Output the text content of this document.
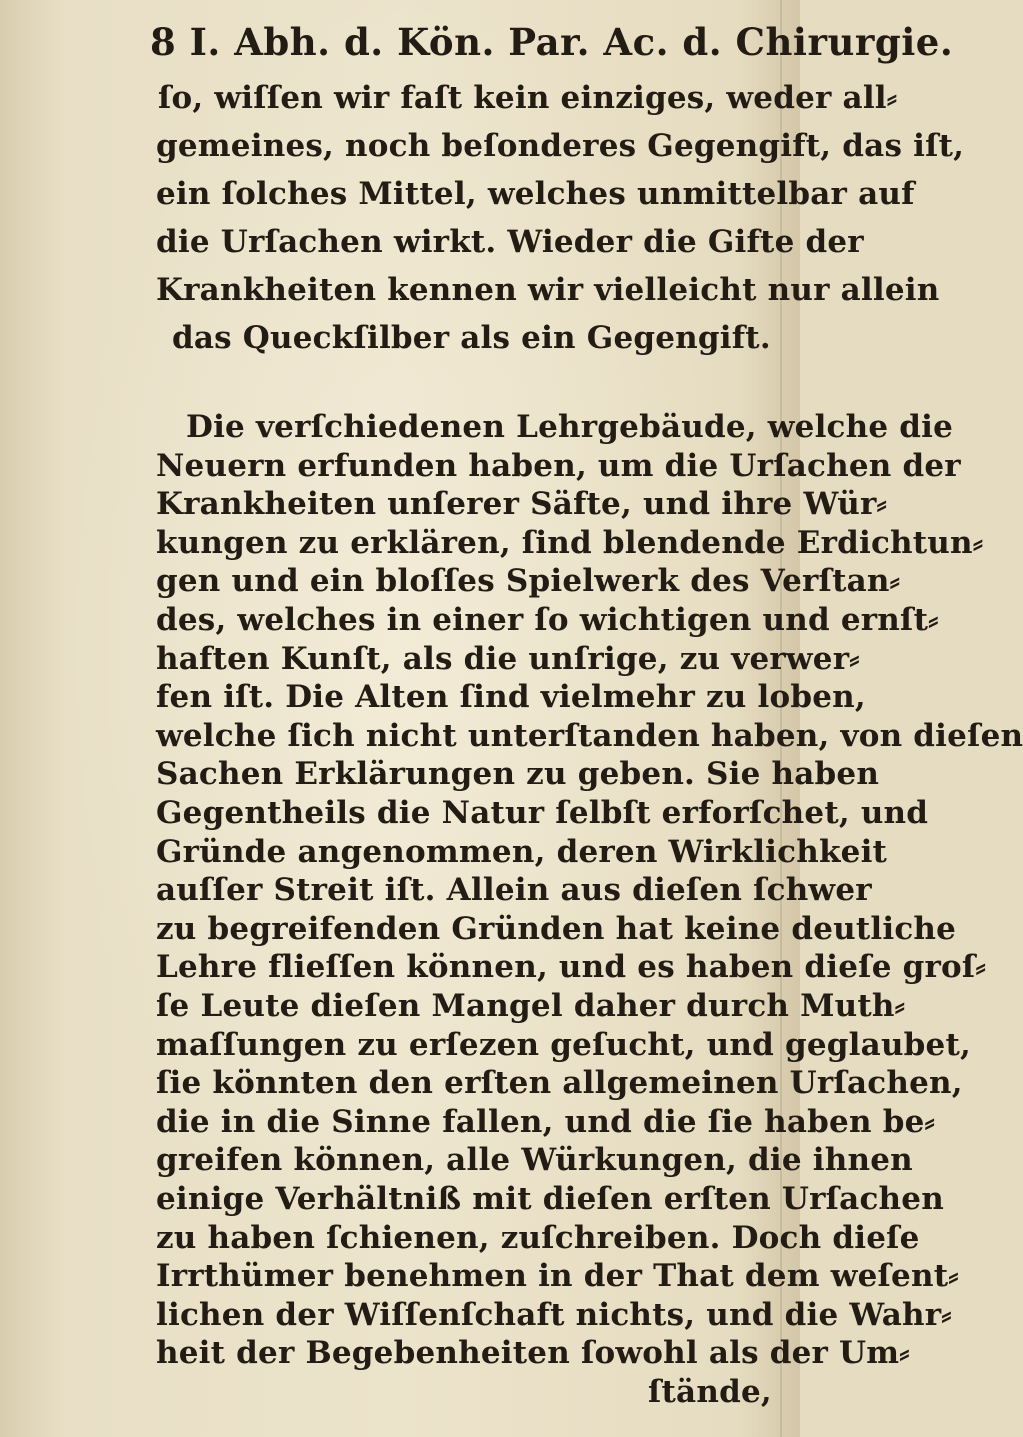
8 I. Abh. d. Kön. Par. Ac. d. Chirurgie.
ſo, wiſſen wir faſt kein einziges, weder all⸗
gemeines, noch beſonderes Gegengift, das iſt,
ein ſolches Mittel, welches unmittelbar auf
die Urſachen wirkt. Wieder die Gifte der
Krankheiten kennen wir vielleicht nur allein
das Queckſilber als ein Gegengift.
Die verſchiedenen Lehrgebäude, welche die
Neuern erfunden haben, um die Urſachen der
Krankheiten unſerer Säfte, und ihre Wür⸗
kungen zu erklären, ſind blendende Erdichtun⸗
gen und ein bloſſes Spielwerk des Verſtan⸗
des, welches in einer ſo wichtigen und ernſt⸗
haften Kunſt, als die unſrige, zu verwer⸗
fen iſt. Die Alten ſind vielmehr zu loben,
welche ſich nicht unterſtanden haben, von dieſen
Sachen Erklärungen zu geben. Sie haben
Gegentheils die Natur ſelbſt erforſchet, und
Gründe angenommen, deren Wirklichkeit
auſſer Streit iſt. Allein aus dieſen ſchwer
zu begreifenden Gründen hat keine deutliche
Lehre flieſſen können, und es haben dieſe groſ⸗
ſe Leute dieſen Mangel daher durch Muth⸗
maſſungen zu erſezen geſucht, und geglaubet,
ſie könnten den erſten allgemeinen Urſachen,
die in die Sinne fallen, und die ſie haben be⸗
greifen können, alle Würkungen, die ihnen
einige Verhältniß mit dieſen erſten Urſachen
zu haben ſchienen, zuſchreiben. Doch dieſe
Irrthümer benehmen in der That dem weſent⸗
lichen der Wiſſenſchaft nichts, und die Wahr⸗
heit der Begebenheiten ſowohl als der Um⸗
ſtände,
